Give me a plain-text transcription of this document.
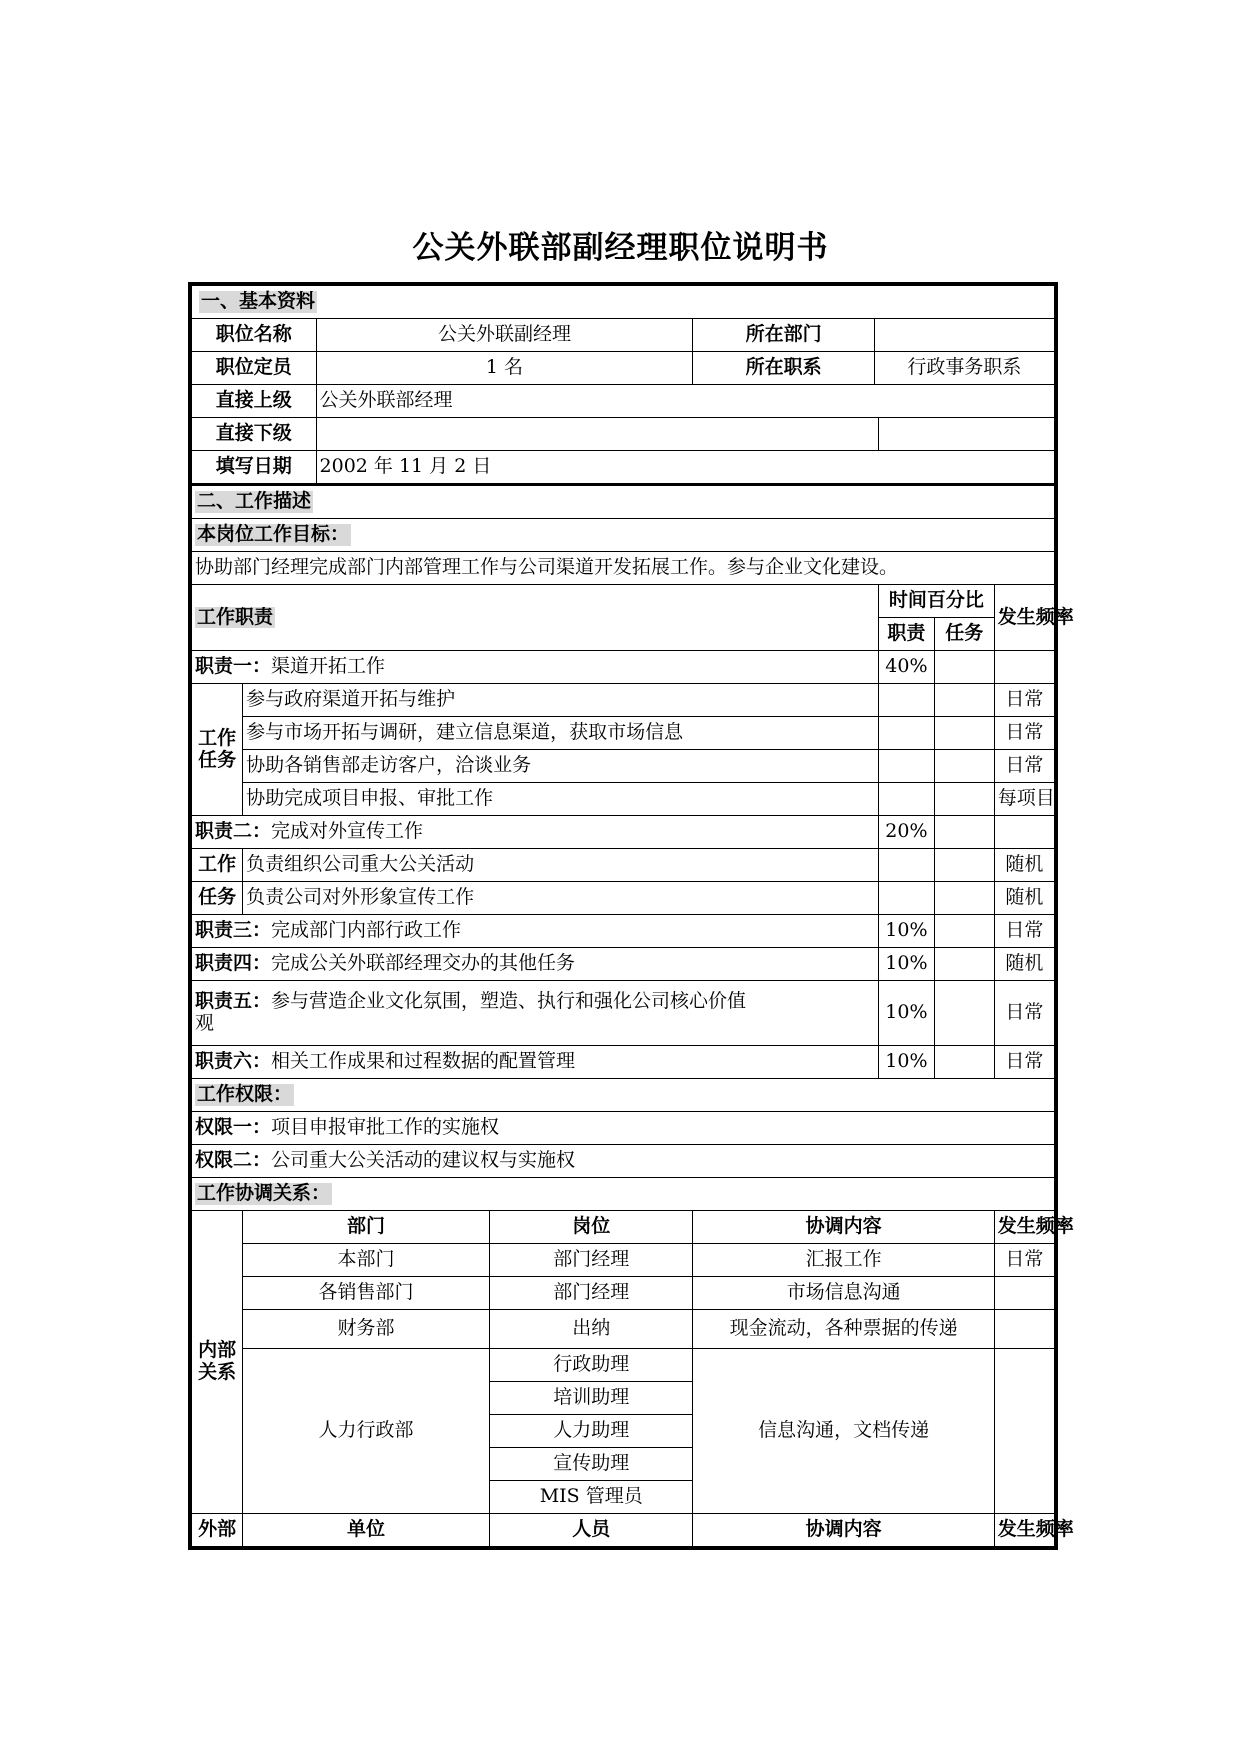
公关外联部副经理职位说明书
一、基本资料								
职位名称		公关外联副经理		所在部门				
职位定员		1 名		所在职系	行政事务职系			
直接上级		公关外联部经理						
直接下级								
填写日期		2002 年 11 月 2 日						
二、工作描述								
本岗位工作目标：								
协助部门经理完成部门内部管理工作与公司渠道开发拓展工作。参与企业文化建设。								
工作职责						时间百分比		发生频率
						职责	任务	
职责一：渠道开拓工作						40%		
工作
任务	参与政府渠道开拓与维护							日常
	参与市场开拓与调研，建立信息渠道，获取市场信息							日常
	协助各销售部走访客户，洽谈业务							日常
	协助完成项目申报、审批工作							每项目
职责二：完成对外宣传工作						20%		
工作	负责组织公司重大公关活动							随机
任务	负责公司对外形象宣传工作							随机
职责三：完成部门内部行政工作						10%		日常
职责四：完成公关外联部经理交办的其他任务						10%		随机
职责五：参与营造企业文化氛围，塑造、执行和强化公司核心价值
观						10%		日常
职责六：相关工作成果和过程数据的配置管理						10%		日常
工作权限：								
权限一：项目申报审批工作的实施权								
权限二：公司重大公关活动的建议权与实施权								
工作协调关系：								
内部
关系	部门		岗位	协调内容				发生频率
	本部门		部门经理	汇报工作				日常
	各销售部门		部门经理	市场信息沟通				
	财务部		出纳	现金流动，各种票据的传递				
	人力行政部		行政助理	信息沟通，文档传递				
			培训助理					
			人力助理					
			宣传助理					
			MIS 管理员					
外部	单位		人员	协调内容				发生频率
